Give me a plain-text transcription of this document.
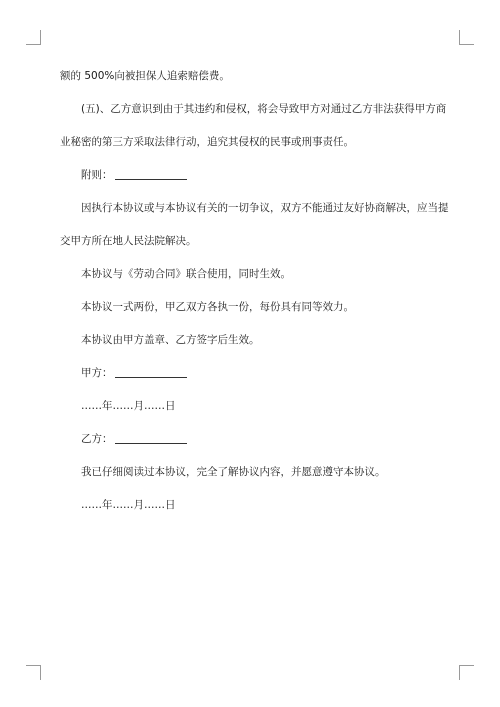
额的 500%向被担保人追索赔偿费。
(五)、乙方意识到由于其违约和侵权，将会导致甲方对通过乙方非法获得甲方商
业秘密的第三方采取法律行动，追究其侵权的民事或刑事责任。
附则：
因执行本协议或与本协议有关的一切争议，双方不能通过友好协商解决，应当提
交甲方所在地人民法院解决。
本协议与《劳动合同》联合使用，同时生效。
本协议一式两份，甲乙双方各执一份，每份具有同等效力。
本协议由甲方盖章、乙方签字后生效。
甲方：
……年……月……日
乙方：
我已仔细阅读过本协议，完全了解协议内容，并愿意遵守本协议。
……年……月……日
